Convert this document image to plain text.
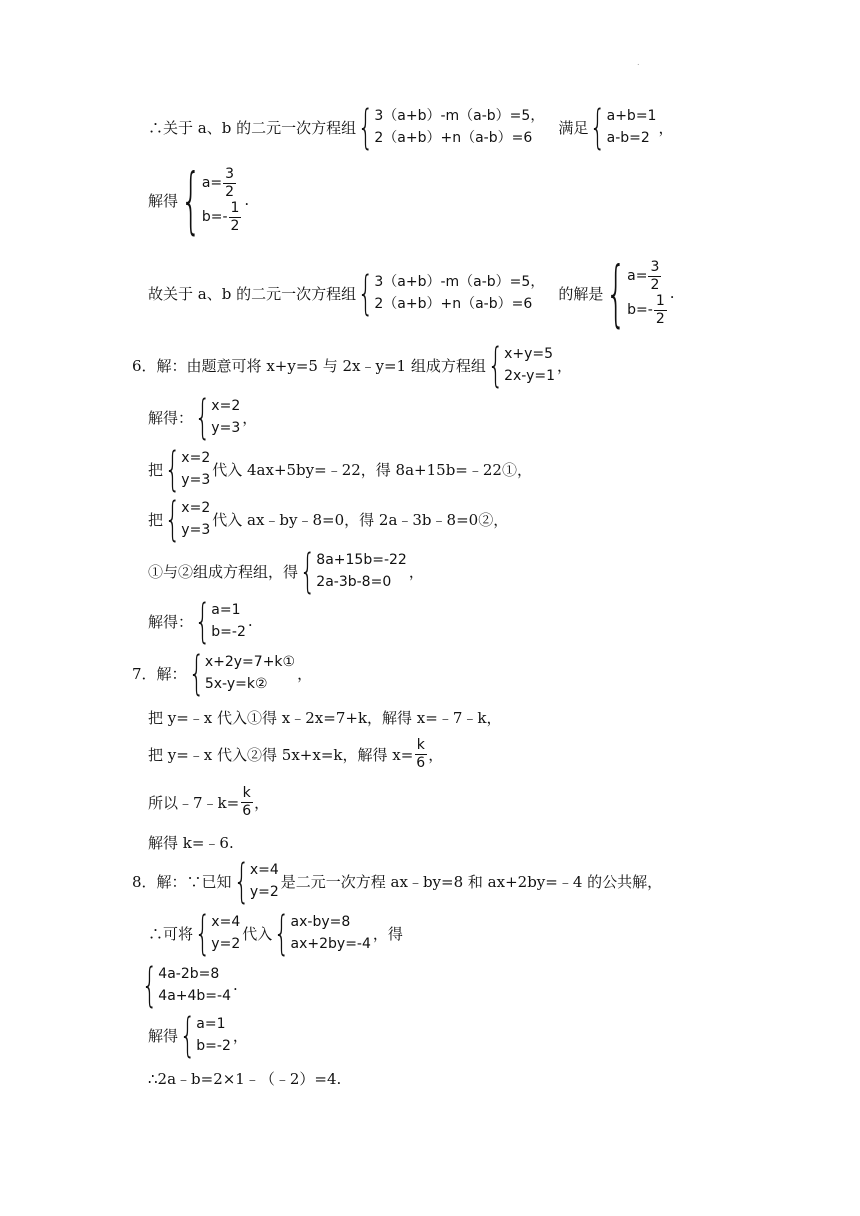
.
∴关于 a、b 的二元一次方程组 { 3（a+b）-m（a-b）=5，
2（a+b）+n（a-b）=6
满足 { a+b=1
a-b=2
，
解得 { $a= \frac{3}{2}$
$b=- \frac{1}{2}$ .
故关于 a、b 的二元一次方程组 { 3（a+b）-m（a-b）=5，
2（a+b）+n（a-b）=6
的解是 { $a= \frac{3}{2}$
$b=- \frac{1}{2}$ .
6． 解：由题意可将 x+y=5 与 2x﹣y=1 组成方程组 { x+y=5
2x-y=1
，
解得： { x=2
y=3
，
把 { x=2
y=3
代入 4ax+5by=﹣22，得 8a+15b=﹣22①，
把 { x=2
y=3
代入 ax﹣by﹣8=0，得 2a﹣3b﹣8=0②，
①与②组成方程组，得 { 8a+15b=-22
2a-3b-8=0
，
解得： { a=1
b=-2
.
7． 解： { x+2y=7+k①
5x-y=k②
，
把 y=﹣x 代入①得 x﹣2x=7+k，解得 x=﹣7﹣k，
把 y=﹣x 代入②得 5x+x=k，解得 $x= \frac{k}{6}$ ，
所以﹣7﹣k= $\frac{k}{6}$ ，
解得 k=﹣6.
8． 解：∵已知 { x=4
y=2
是二元一次方程 ax﹣by=8 和 ax+2by=﹣4 的公共解，
∴可将 { x=4
y=2
代入 { ax-by=8
ax+2by=-4
，得
{ 4a-2b=8
4a+4b=-4
.
解得 { a=1
b=-2
，
∴2a﹣b=2×1﹣（﹣2）=4.
